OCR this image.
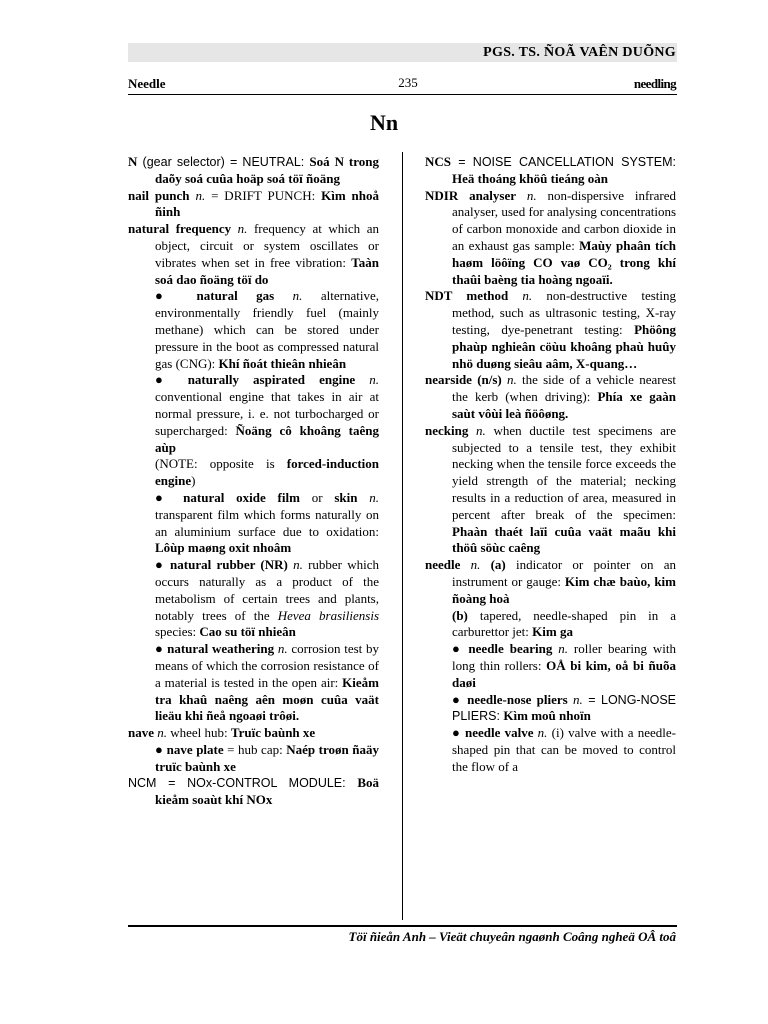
PGS. TS. ÑOÃ VAÊN DUÕNG
Needle	235	needling
Nn

N (gear selector) = NEUTRAL: Soá N trong daõy soá cuûa hoäp soá töï ñoäng

nail punch n. = DRIFT PUNCH: Kìm nhoå ñinh

natural frequency n. frequency at which an object, circuit or system oscillates or vibrates when set in free vibration: Taàn soá dao ñoäng töï do

● natural gas n. alternative, environmentally friendly fuel (mainly methane) which can be stored under pressure in the boot as compressed natural gas (CNG): Khí ñoát thieân nhieân

● naturally aspirated engine n. conventional engine that takes in air at normal pressure, i. e. not turbocharged or supercharged: Ñoäng cô khoâng taêng aùp
(NOTE: opposite is forced-induction engine)

● natural oxide film or skin n. transparent film which forms naturally on an aluminium surface due to oxidation: Lôùp maøng oxit nhoâm

● natural rubber (NR) n. rubber which occurs naturally as a product of the metabolism of certain trees and plants, notably trees of the Hevea brasiliensis species: Cao su töï nhieân

● natural weathering n. corrosion test by means of which the corrosion resistance of a material is tested in the open air: Kieåm tra khaû naêng aên moøn cuûa vaät lieäu khi ñeå ngoaøi trôøi.

nave n. wheel hub: Truïc baùnh xe

● nave plate = hub cap: Naép troøn ñaäy truïc baùnh xe

NCM = NOx-CONTROL MODULE: Boä kieåm soaùt khí NOx

NCS = NOISE CANCELLATION SYSTEM: Heä thoáng khöû tieáng oàn

NDIR analyser n. non-dispersive infrared analyser, used for analysing concentrations of carbon monoxide and carbon dioxide in an exhaust gas sample: Maùy phaân tích haøm löôïng CO vaø CO₂ trong khí thaûi baèng tia hoàng ngoaïi.

NDT method n. non-destructive testing method, such as ultrasonic testing, X-ray testing, dye-penetrant testing: Phöông phaùp nghieân cöùu khoâng phaù huûy nhö duøng sieâu aâm, X-quang…

nearside (n/s) n. the side of a vehicle nearest the kerb (when driving): Phía xe gaàn saùt vôùi leà ñöôøng.

necking n. when ductile test specimens are subjected to a tensile test, they exhibit necking when the tensile force exceeds the yield strength of the material; necking results in a reduction of area, measured in percent after break of the specimen: Phaàn thaét laïi cuûa vaät maãu khi thöû söùc caêng

needle n. (a) indicator or pointer on an instrument or gauge: Kim chæ baùo, kim ñoàng hoà

(b) tapered, needle-shaped pin in a carburettor jet: Kim ga

● needle bearing n. roller bearing with long thin rollers: OÅ bi kim, oå bi ñuõa daøi

● needle-nose pliers n. = LONG-NOSE PLIERS: Kìm moû nhoïn

● needle valve n. (i) valve with a needle-shaped pin that can be moved to control the flow of a

Töï ñieån Anh – Vieät chuyeân ngaønh Coâng ngheä OÂ toâ
